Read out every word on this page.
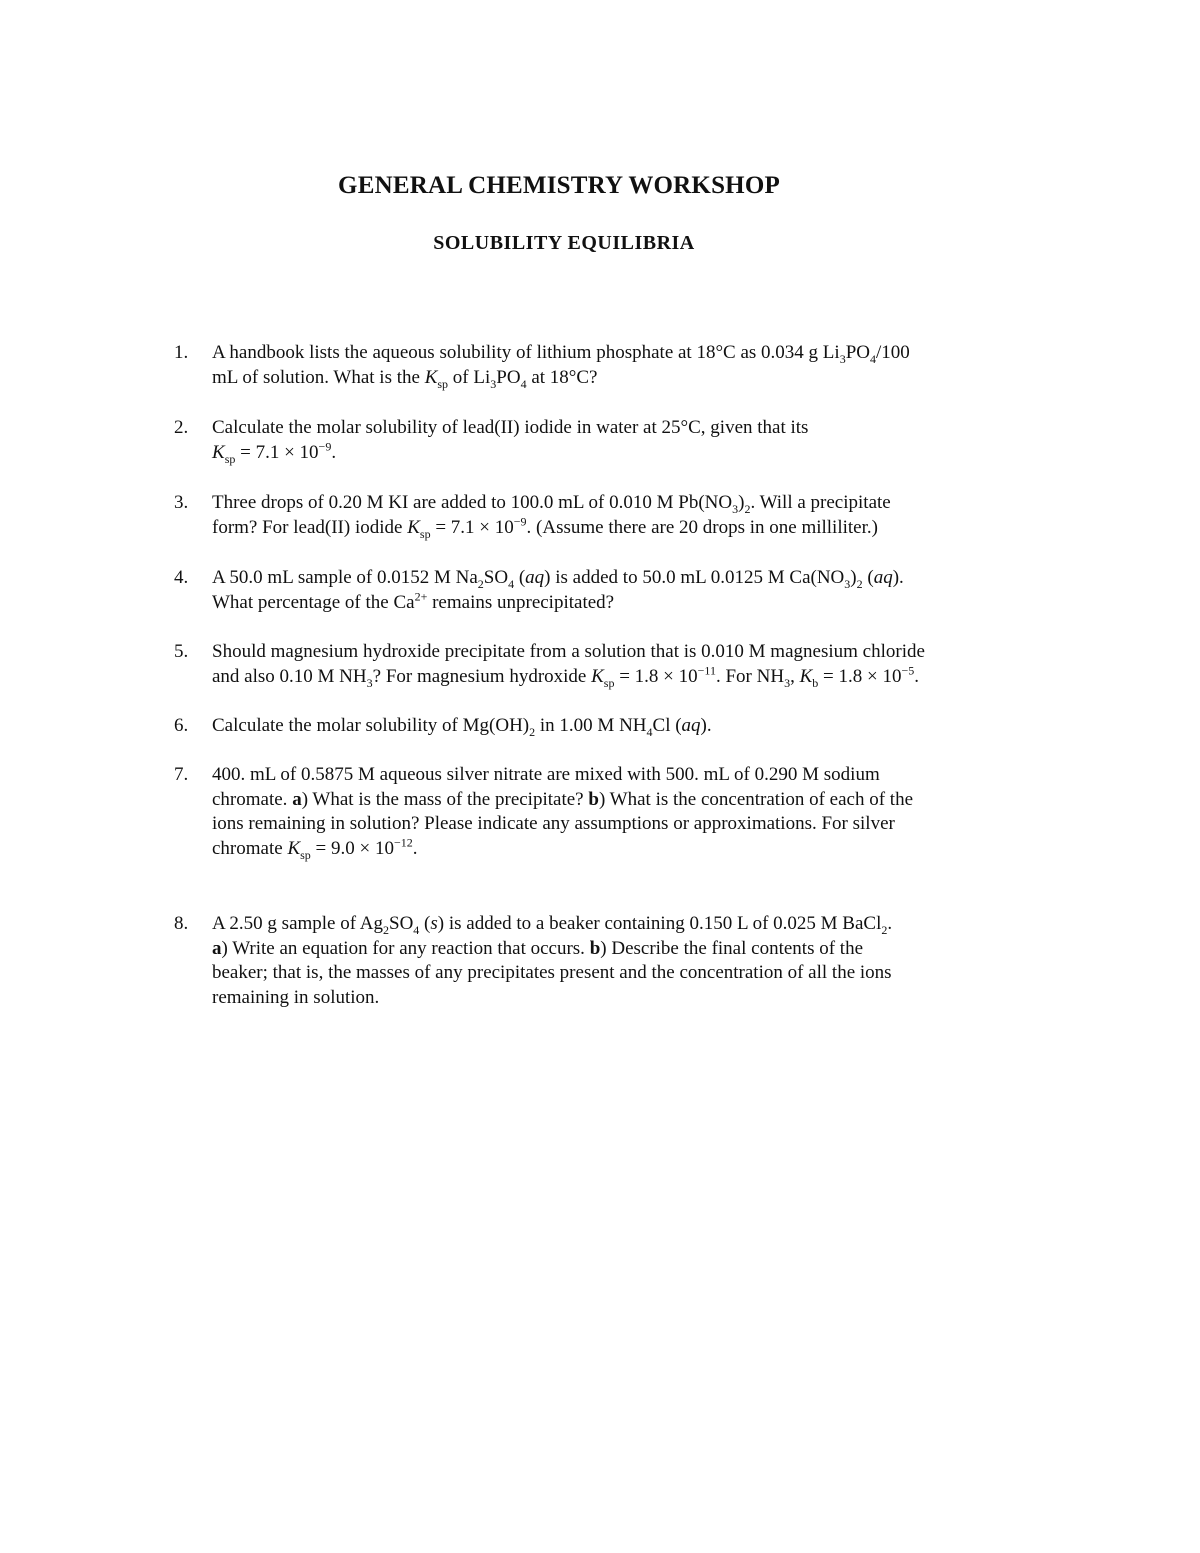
GENERAL CHEMISTRY WORKSHOP
SOLUBILITY EQUILIBRIA
1.	A handbook lists the aqueous solubility of lithium phosphate at 18°C as 0.034 g $Li_3PO_4/100$
mL of solution. What is the $K_{sp}$ of $Li_3PO_4$ at 18°C?
2.	Calculate the molar solubility of lead(II) iodide in water at 25°C, given that its
$K_{sp} = 7.1 \times 10^{-9}$.
3.	Three drops of 0.20 M KI are added to 100.0 mL of 0.010 M $Pb(NO_3)_2$. Will a precipitate
form? For lead(II) iodide $K_{sp} = 7.1 \times 10^{-9}$. (Assume there are 20 drops in one milliliter.)
4.	A 50.0 mL sample of 0.0152 M $Na_2SO_4$ (aq) is added to 50.0 mL 0.0125 M $Ca(NO_3)_2$ (aq).
What percentage of the $Ca^{2+}$ remains unprecipitated?
5.	Should magnesium hydroxide precipitate from a solution that is 0.010 M magnesium chloride
and also 0.10 M $NH_3$? For magnesium hydroxide $K_{sp} = 1.8 \times 10^{-11}$. For $NH_3$, $K_b = 1.8 \times 10^{-5}$.
6.	Calculate the molar solubility of $Mg(OH)_2$ in 1.00 M $NH_4Cl$ (aq).
7.	400. mL of 0.5875 M aqueous silver nitrate are mixed with 500. mL of 0.290 M sodium
chromate. a) What is the mass of the precipitate? b) What is the concentration of each of the
ions remaining in solution? Please indicate any assumptions or approximations. For silver
chromate $K_{sp} = 9.0 \times 10^{-12}$.
8.	A 2.50 g sample of $Ag_2SO_4$ (s) is added to a beaker containing 0.150 L of 0.025 M BaCl$_2$.
a) Write an equation for any reaction that occurs. b) Describe the final contents of the
beaker; that is, the masses of any precipitates present and the concentration of all the ions
remaining in solution.
